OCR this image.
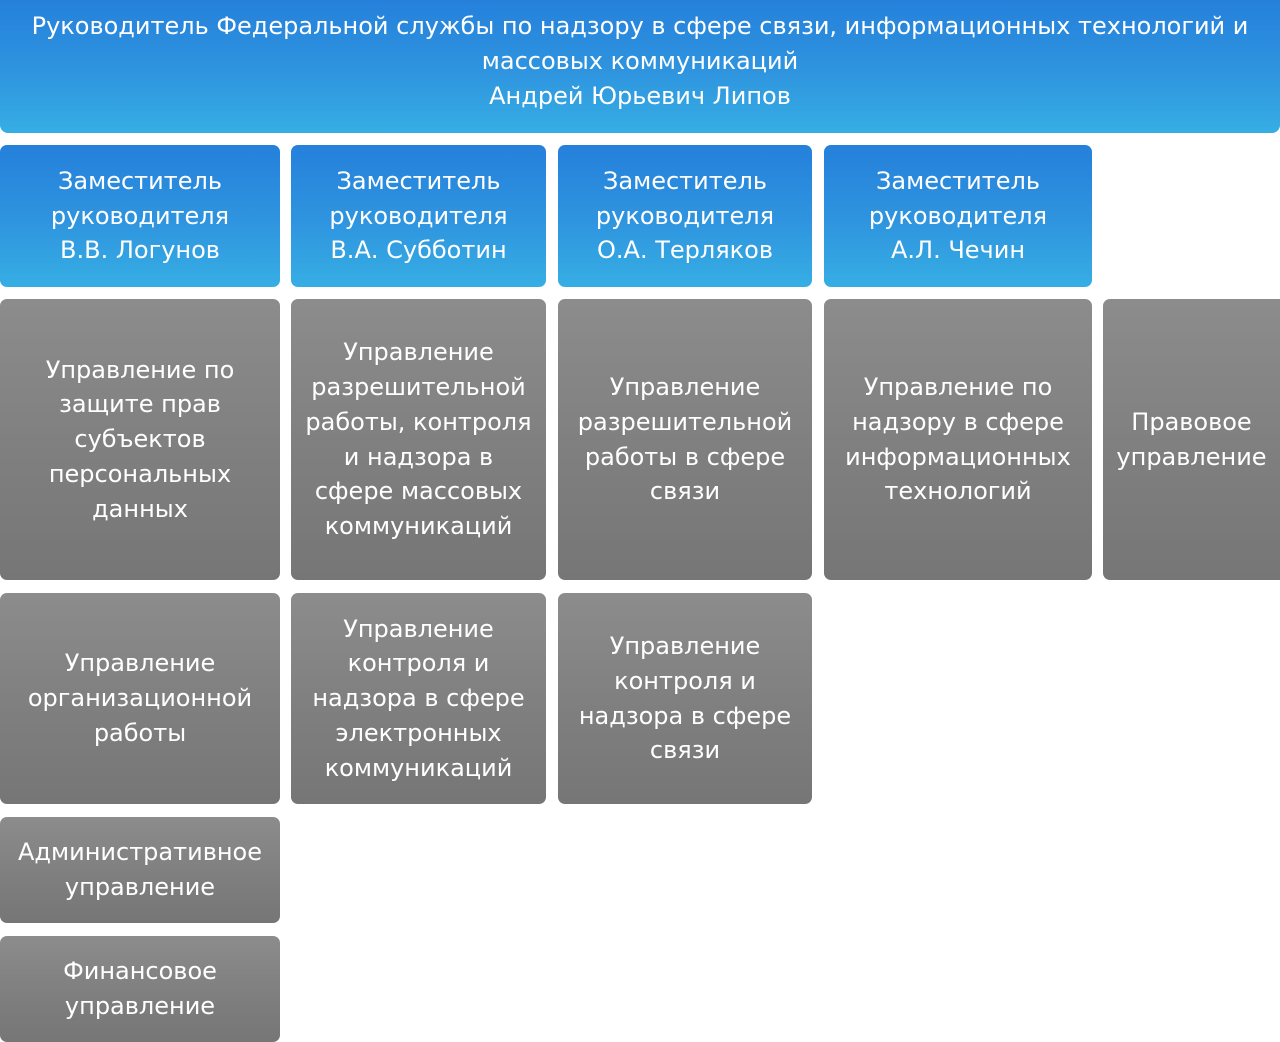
Руководитель Федеральной службы по надзору в сфере связи, информационных технологий и массовых коммуникаций
Андрей Юрьевич Липов
Заместитель руководителя
В.В. Логунов
Заместитель руководителя
В.А. Субботин
Заместитель руководителя
О.А. Терляков
Заместитель руководителя
А.Л. Чечин
Управление по защите прав субъектов персональных данных
Управление организационной работы
Административное управление
Финансовое управление
Управление разрешительной работы, контроля и надзора в сфере массовых коммуникаций
Управление контроля и надзора в сфере электронных коммуникаций
Управление разрешительной работы в сфере связи
Управление контроля и надзора в сфере связи
Управление по надзору в сфере информационных технологий
Правовое управление
